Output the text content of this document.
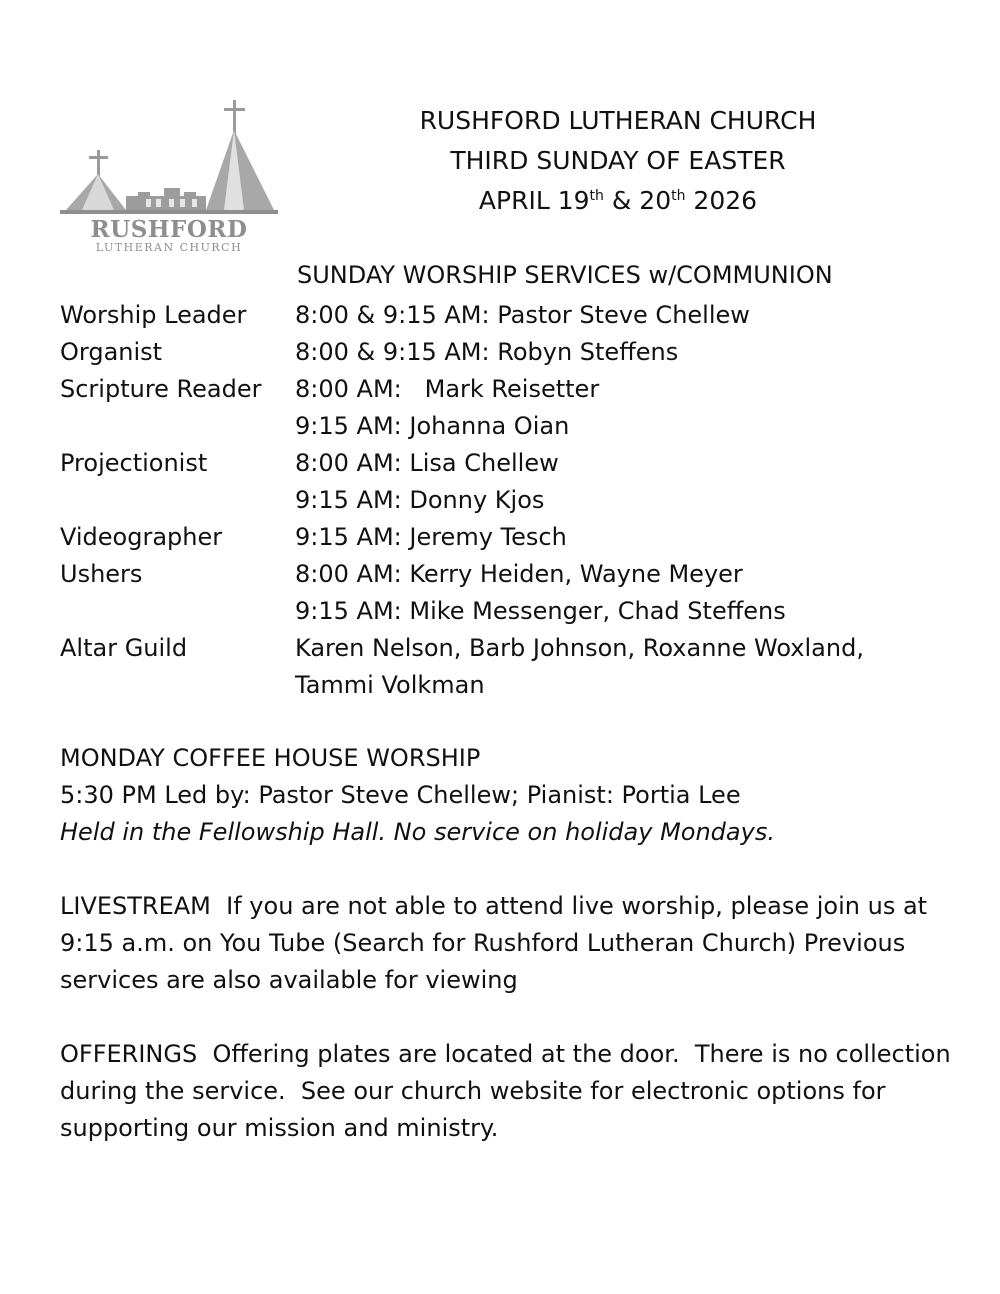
RUSHFORD
LUTHERAN CHURCH
RUSHFORD LUTHERAN CHURCH
THIRD SUNDAY OF EASTER
APRIL 19th & 20th 2026
SUNDAY WORSHIP SERVICES w/COMMUNION
Worship Leader	8:00 & 9:15 AM: Pastor Steve Chellew
Organist	8:00 & 9:15 AM: Robyn Steffens
Scripture Reader	8:00 AM:   Mark Reisetter
9:15 AM: Johanna Oian
Projectionist	8:00 AM: Lisa Chellew
9:15 AM: Donny Kjos
Videographer	9:15 AM: Jeremy Tesch
Ushers	8:00 AM: Kerry Heiden, Wayne Meyer
9:15 AM: Mike Messenger, Chad Steffens
Altar Guild	Karen Nelson, Barb Johnson, Roxanne Woxland,
Tammi Volkman

MONDAY COFFEE HOUSE WORSHIP

5:30 PM Led by: Pastor Steve Chellew; Pianist: Portia Lee

Held in the Fellowship Hall. No service on holiday Mondays.

LIVESTREAM  If you are not able to attend live worship, please join us at 9:15 a.m. on You Tube (Search for Rushford Lutheran Church) Previous services are also available for viewing

OFFERINGS  Offering plates are located at the door.  There is no collection during the service.  See our church website for electronic options for supporting our mission and ministry.
